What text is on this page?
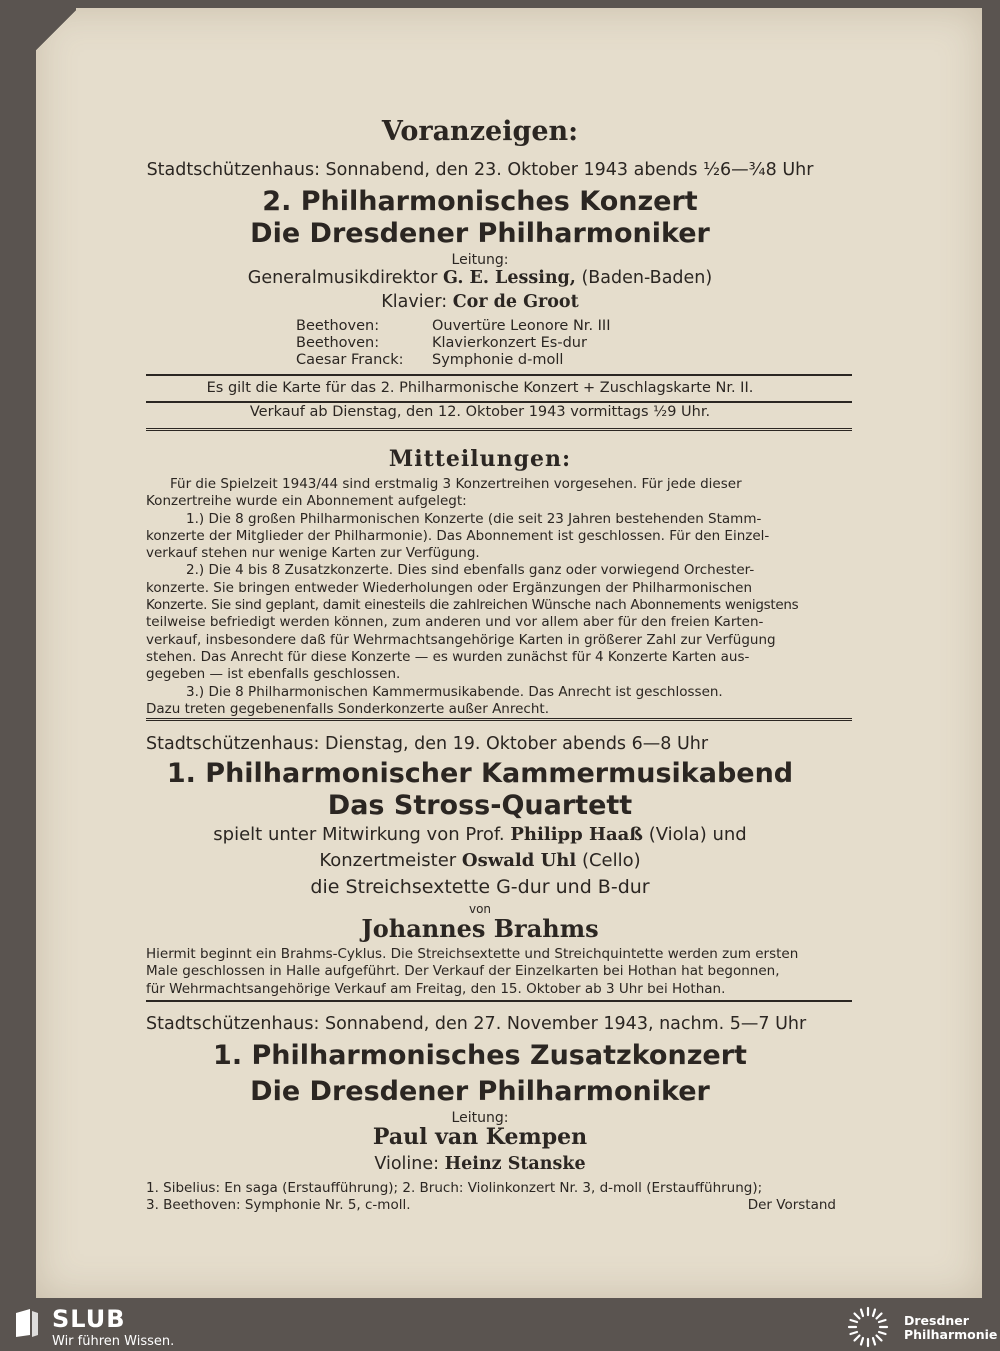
Voranzeigen:
Stadtschützenhaus: Sonnabend, den 23. Oktober 1943 abends ½6—¾8 Uhr
2. Philharmonisches Konzert
Die Dresdener Philharmoniker
Leitung:
Generalmusikdirektor G. E. Lessing, (Baden-Baden)
Klavier: Cor de Groot
Beethoven:	Ouvertüre Leonore Nr. III
Beethoven:	Klavierkonzert Es-dur
Caesar Franck: Symphonie d-moll
Es gilt die Karte für das 2. Philharmonische Konzert + Zuschlagskarte Nr. II.
Verkauf ab Dienstag, den 12. Oktober 1943 vormittags ½9 Uhr.
Mitteilungen:
Für die Spielzeit 1943/44 sind erstmalig 3 Konzertreihen vorgesehen. Für jede dieser
Konzertreihe wurde ein Abonnement aufgelegt:
1.) Die 8 großen Philharmonischen Konzerte (die seit 23 Jahren bestehenden Stamm-
konzerte der Mitglieder der Philharmonie). Das Abonnement ist geschlossen. Für den Einzel-
verkauf stehen nur wenige Karten zur Verfügung.
2.) Die 4 bis 8 Zusatzkonzerte. Dies sind ebenfalls ganz oder vorwiegend Orchester-
konzerte. Sie bringen entweder Wiederholungen oder Ergänzungen der Philharmonischen
Konzerte. Sie sind geplant, damit einesteils die zahlreichen Wünsche nach Abonnements wenigstens
teilweise befriedigt werden können, zum anderen und vor allem aber für den freien Karten-
verkauf, insbesondere daß für Wehrmachtsangehörige Karten in größerer Zahl zur Verfügung
stehen. Das Anrecht für diese Konzerte — es wurden zunächst für 4 Konzerte Karten aus-
gegeben — ist ebenfalls geschlossen.
3.) Die 8 Philharmonischen Kammermusikabende. Das Anrecht ist geschlossen.
Dazu treten gegebenenfalls Sonderkonzerte außer Anrecht.
Stadtschützenhaus: Dienstag, den 19. Oktober abends 6—8 Uhr
1. Philharmonischer Kammermusikabend
Das Stross-Quartett
spielt unter Mitwirkung von Prof. Philipp Haaß (Viola) und
Konzertmeister Oswald Uhl (Cello)
die Streichsextette G-dur und B-dur
von
Johannes Brahms
Hiermit beginnt ein Brahms-Cyklus. Die Streichsextette und Streichquintette werden zum ersten
Male geschlossen in Halle aufgeführt. Der Verkauf der Einzelkarten bei Hothan hat begonnen,
für Wehrmachtsangehörige Verkauf am Freitag, den 15. Oktober ab 3 Uhr bei Hothan.
Stadtschützenhaus: Sonnabend, den 27. November 1943, nachm. 5—7 Uhr
1. Philharmonisches Zusatzkonzert
Die Dresdener Philharmoniker
Leitung:
Paul van Kempen
Violine: Heinz Stanske
1. Sibelius: En saga (Erstaufführung); 2. Bruch: Violinkonzert Nr. 3, d-moll (Erstaufführung);
3. Beethoven: Symphonie Nr. 5, c-moll.	Der Vorstand
SLUB
Wir führen Wissen.
Dresdner
Philharmonie
